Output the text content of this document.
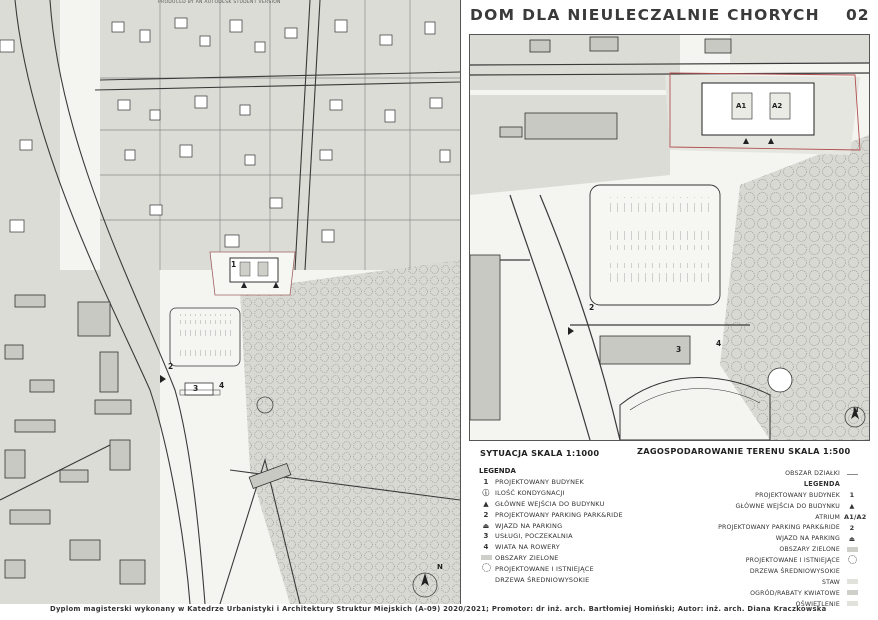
1
2
3	4
N
PRODUCED BY AN AUTODESK STUDENT VERSION
DOM DLA NIEULECZALNIE CHORYCH 02
A1	A2
2
3
4
N
SYTUACJA SKALA 1:1000	ZAGOSPODAROWANIE TERENU SKALA 1:500
LEGENDA
1 PROJEKTOWANY BUDYNEK
ⓘ ILOŚĆ KONDYGNACJI
▲ GŁÓWNE WEJŚCIA DO BUDYNKU
2 PROJEKTOWANY PARKING PARK&RIDE
⏏ WJAZD NA PARKING
3 USŁUGI, POCZEKALNIA
4 WIATA NA ROWERY
OBSZARY ZIELONE
PROJEKTOWANE I ISTNIEJĄCE
DRZEWA ŚREDNIOWYSOKIE
OBSZAR DZIAŁKI
LEGENDA
PROJEKTOWANY BUDYNEK	1
GŁÓWNE WEJŚCIA DO BUDYNKU	▲
ATRIUM A1/A2
PROJEKTOWANY PARKING PARK&RIDE	2
WJAZD NA PARKING	⏏
OBSZARY ZIELONE
PROJEKTOWANE I ISTNIEJĄCE
DRZEWA ŚREDNIOWYSOKIE
STAW
OGRÓD/RABATY KWIATOWE
OŚWIETLENIE
Dyplom magisterski wykonany w Katedrze Urbanistyki i Architektury Struktur Miejskich (A-09) 2020/2021; Promotor: dr inż. arch. Bartłomiej Homiński; Autor: inż. arch. Diana Kraczkowska
